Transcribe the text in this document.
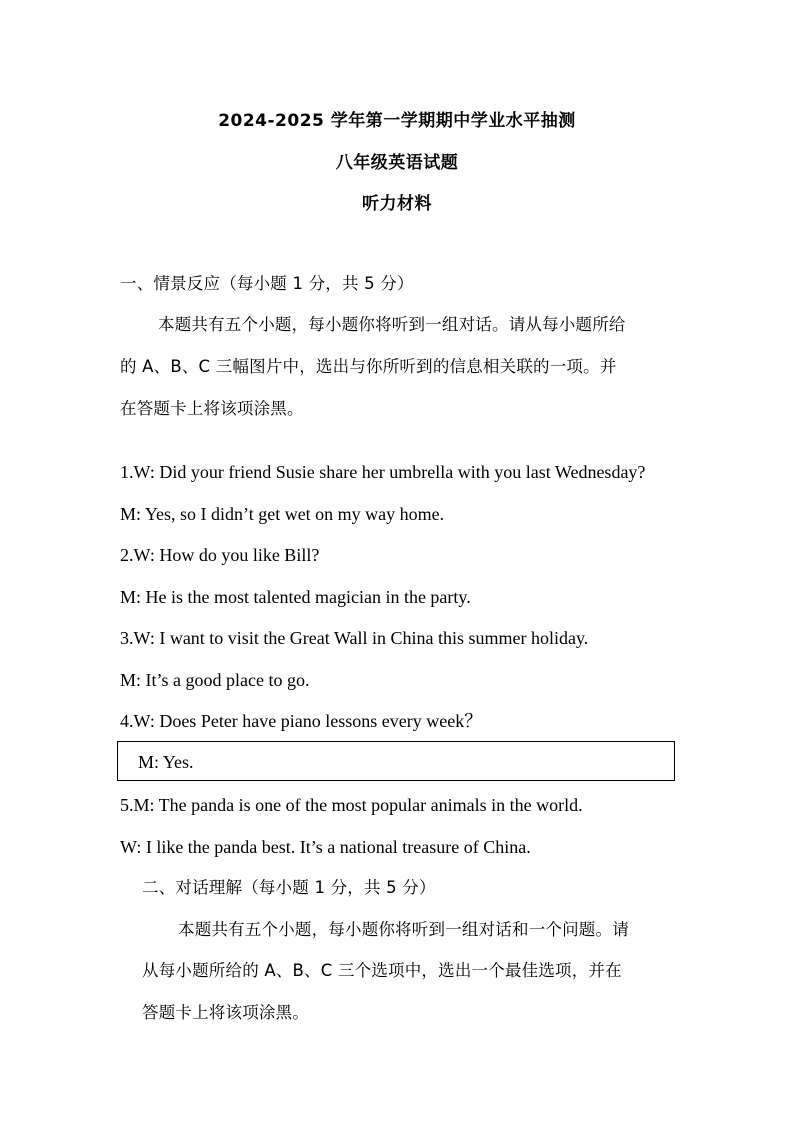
2024-2025 学年第一学期期中学业水平抽测
八年级英语试题
听力材料
一、情景反应（每小题 1 分，共 5 分）
本题共有五个小题，每小题你将听到一组对话。请从每小题所给
的 A、B、C 三幅图片中，选出与你所听到的信息相关联的一项。并
在答题卡上将该项涂黑。
1.W: Did your friend Susie share her umbrella with you last Wednesday?
M: Yes, so I didn’t get wet on my way home.
2.W: How do you like Bill?
M: He is the most talented magician in the party.
3.W: I want to visit the Great Wall in China this summer holiday.
M: It’s a good place to go.
4.W: Does Peter have piano lessons every week？
M: Yes.
5.M: The panda is one of the most popular animals in the world.
W: I like the panda best. It’s a national treasure of China.
二、对话理解（每小题 1 分，共 5 分）
本题共有五个小题，每小题你将听到一组对话和一个问题。请
从每小题所给的 A、B、C 三个选项中，选出一个最佳选项，并在
答题卡上将该项涂黑。
